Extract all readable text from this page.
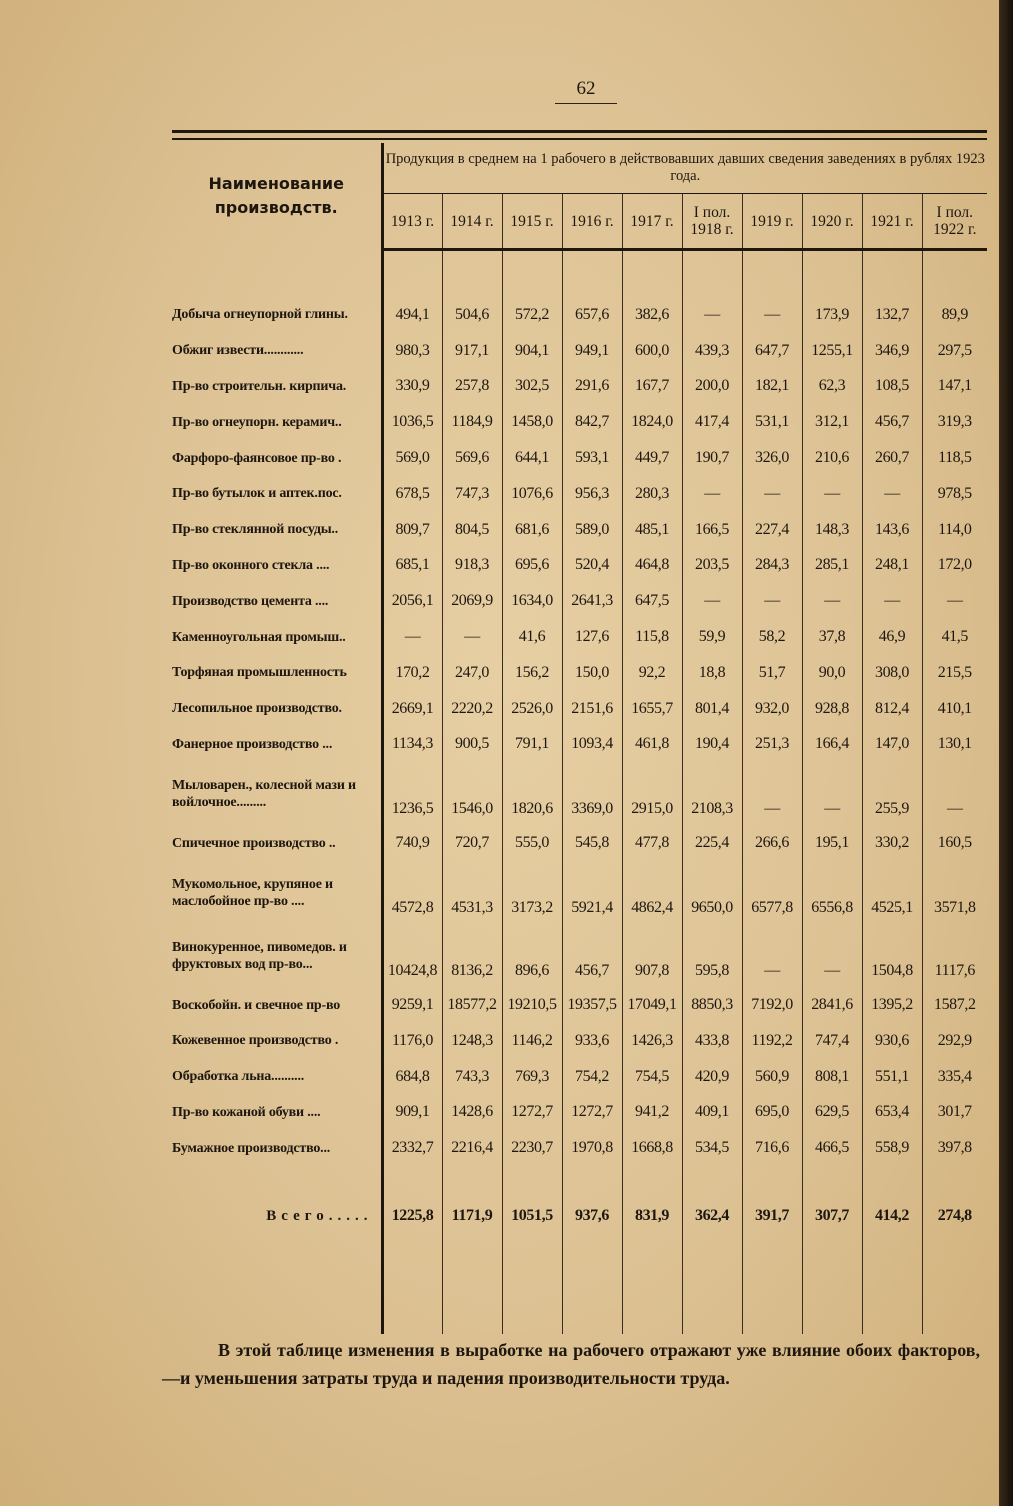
62
Наименование производств.	Продукция в среднем на 1 рабочего в действовавших давших сведения заведениях в рублях 1923 года.									
	1913 г.	1914 г.	1915 г.	1916 г.	1917 г.	I пол. 1918 г.	1919 г.	1920 г.	1921 г.	I пол. 1922 г.

Добыча огнеупорной глины.	494,1	504,6	572,2	657,6	382,6	—	—	173,9	132,7	89,9
Обжиг извести............	980,3	917,1	904,1	949,1	600,0	439,3	647,7	1255,1	346,9	297,5
Пр-во строительн. кирпича.	330,9	257,8	302,5	291,6	167,7	200,0	182,1	62,3	108,5	147,1
Пр-во огнеупорн. керамич..	1036,5	1184,9	1458,0	842,7	1824,0	417,4	531,1	312,1	456,7	319,3
Фарфоро-фаянсовое пр-во .	569,0	569,6	644,1	593,1	449,7	190,7	326,0	210,6	260,7	118,5
Пр-во бутылок и аптек.пос.	678,5	747,3	1076,6	956,3	280,3	—	—	—	—	978,5
Пр-во стеклянной посуды..	809,7	804,5	681,6	589,0	485,1	166,5	227,4	148,3	143,6	114,0
Пр-во оконного стекла ....	685,1	918,3	695,6	520,4	464,8	203,5	284,3	285,1	248,1	172,0
Производство цемента ....	2056,1	2069,9	1634,0	2641,3	647,5	—	—	—	—	—
Каменноугольная промыш..	—	—	41,6	127,6	115,8	59,9	58,2	37,8	46,9	41,5
Торфяная промышленность	170,2	247,0	156,2	150,0	92,2	18,8	51,7	90,0	308,0	215,5
Лесопильное производство.	2669,1	2220,2	2526,0	2151,6	1655,7	801,4	932,0	928,8	812,4	410,1
Фанерное производство ...	1134,3	900,5	791,1	1093,4	461,8	190,4	251,3	166,4	147,0	130,1
Мыловарен., колесной мази и войлочное.........	1236,5	1546,0	1820,6	3369,0	2915,0	2108,3	—	—	255,9	—
Спичечное производство ..	740,9	720,7	555,0	545,8	477,8	225,4	266,6	195,1	330,2	160,5
Мукомольное, крупяное и маслобойное пр-во ....	4572,8	4531,3	3173,2	5921,4	4862,4	9650,0	6577,8	6556,8	4525,1	3571,8
Винокуренное, пивомедов. и фруктовых вод пр-во...	10424,8	8136,2	896,6	456,7	907,8	595,8	—	—	1504,8	1117,6
Воскобойн. и свечное пр-во	9259,1	18577,2	19210,5	19357,5	17049,1	8850,3	7192,0	2841,6	1395,2	1587,2
Кожевенное производство .	1176,0	1248,3	1146,2	933,6	1426,3	433,8	1192,2	747,4	930,6	292,9
Обработка льна..........	684,8	743,3	769,3	754,2	754,5	420,9	560,9	808,1	551,1	335,4
Пр-во кожаной обуви ....	909,1	1428,6	1272,7	1272,7	941,2	409,1	695,0	629,5	653,4	301,7
Бумажное производство...	2332,7	2216,4	2230,7	1970,8	1668,8	534,5	716,6	466,5	558,9	397,8
Всего.....	1225,8	1171,9	1051,5	937,6	831,9	362,4	391,7	307,7	414,2	274,8

В этой таблице изменения в выработке на рабочего отражают уже влияние обоих факторов,—и уменьшения затраты труда и падения производительности труда.
